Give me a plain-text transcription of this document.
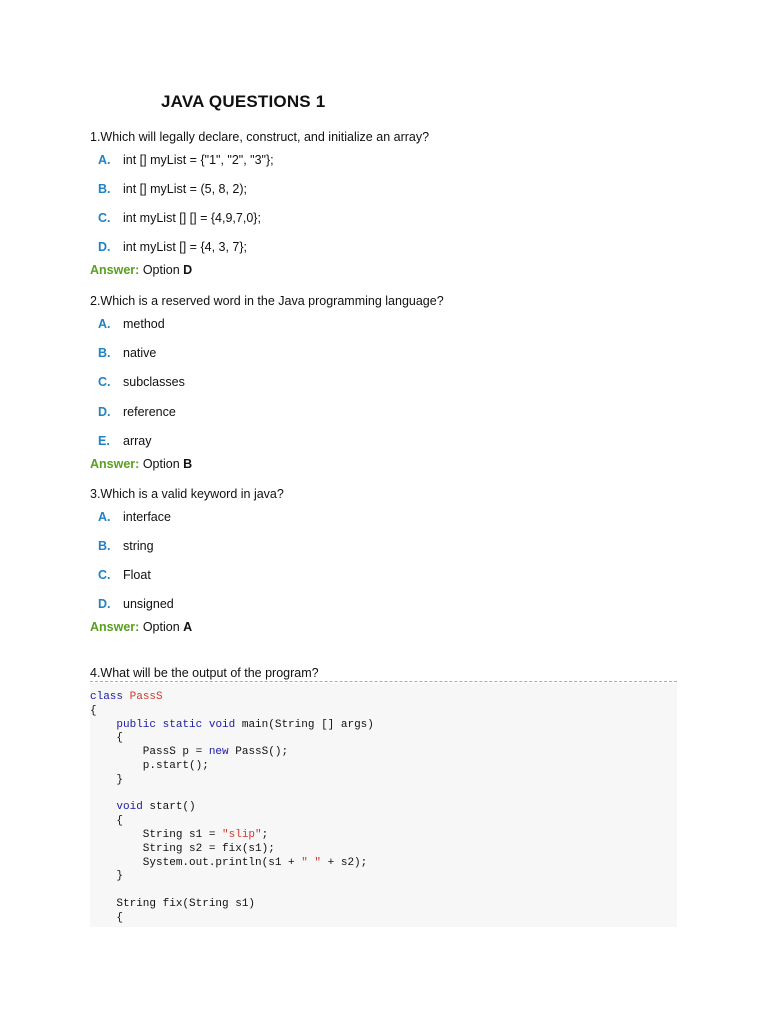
JAVA QUESTIONS 1
1.Which will legally declare, construct, and initialize an array?
A. int [] myList = {"1", "2", "3"};
B. int [] myList = (5, 8, 2);
C. int myList [] [] = {4,9,7,0};
D. int myList [] = {4, 3, 7};
Answer: Option D
2.Which is a reserved word in the Java programming language?
A. method
B. native
C. subclasses
D. reference
E. array
Answer: Option B
3.Which is a valid keyword in java?
A. interface
B. string
C. Float
D. unsigned
Answer: Option A
4.What will be the output of the program?
class PassS
{
public static void main(String [] args)
{
PassS p = new PassS();
p.start();
}

void start()
{
String s1 = "slip";
String s2 = fix(s1);
System.out.println(s1 + " " + s2);
}

String fix(String s1)
{
